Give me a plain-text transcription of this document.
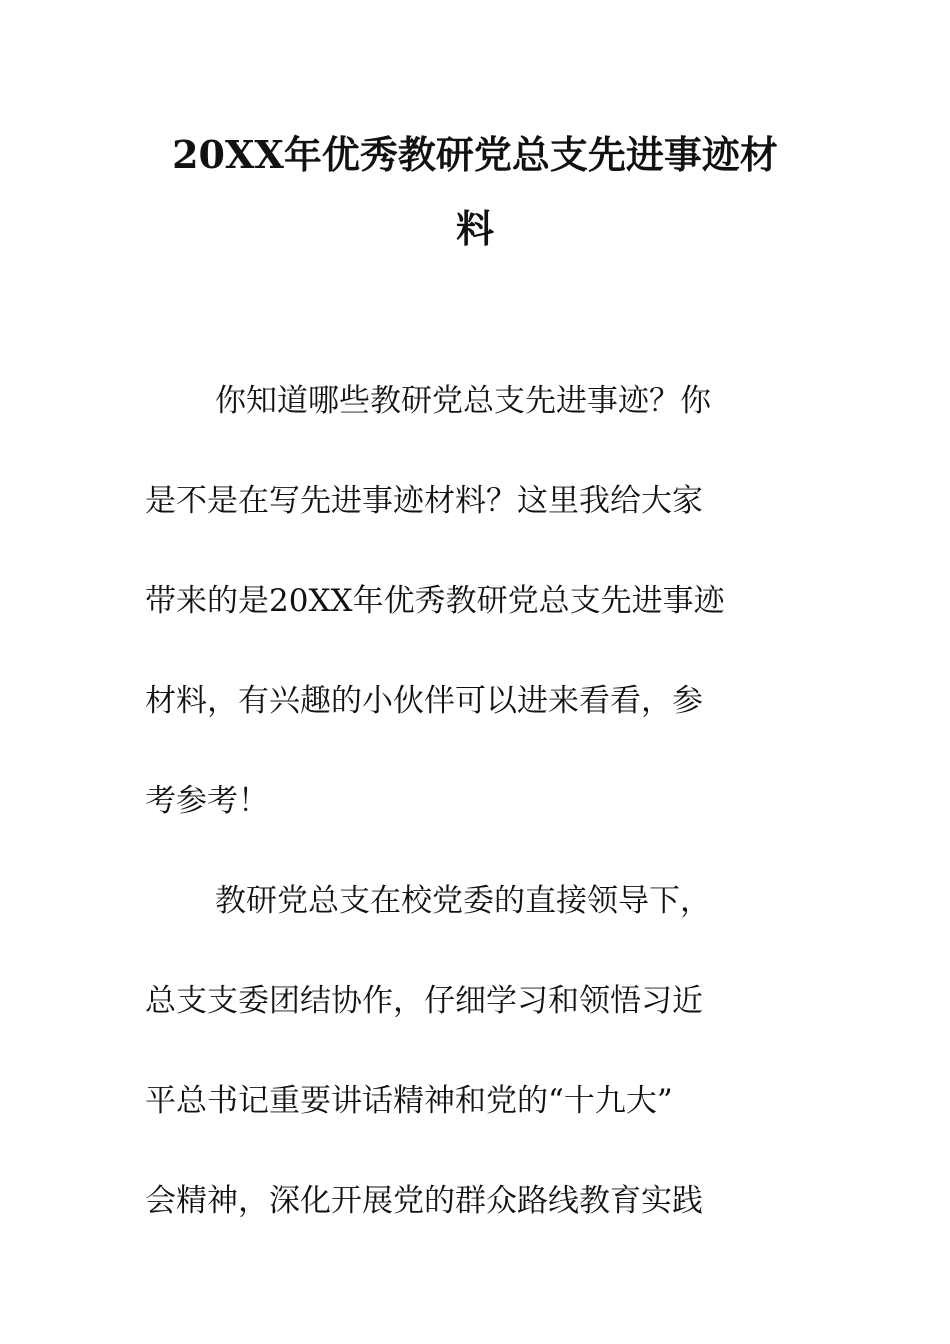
20XX年优秀教研党总支先进事迹材
料
你知道哪些教研党总支先进事迹？你
是不是在写先进事迹材料？这里我给大家
带来的是20XX年优秀教研党总支先进事迹
材料，有兴趣的小伙伴可以进来看看，参
考参考！
教研党总支在校党委的直接领导下，
总支支委团结协作，仔细学习和领悟习近
平总书记重要讲话精神和党的“十九大”
会精神，深化开展党的群众路线教育实践
